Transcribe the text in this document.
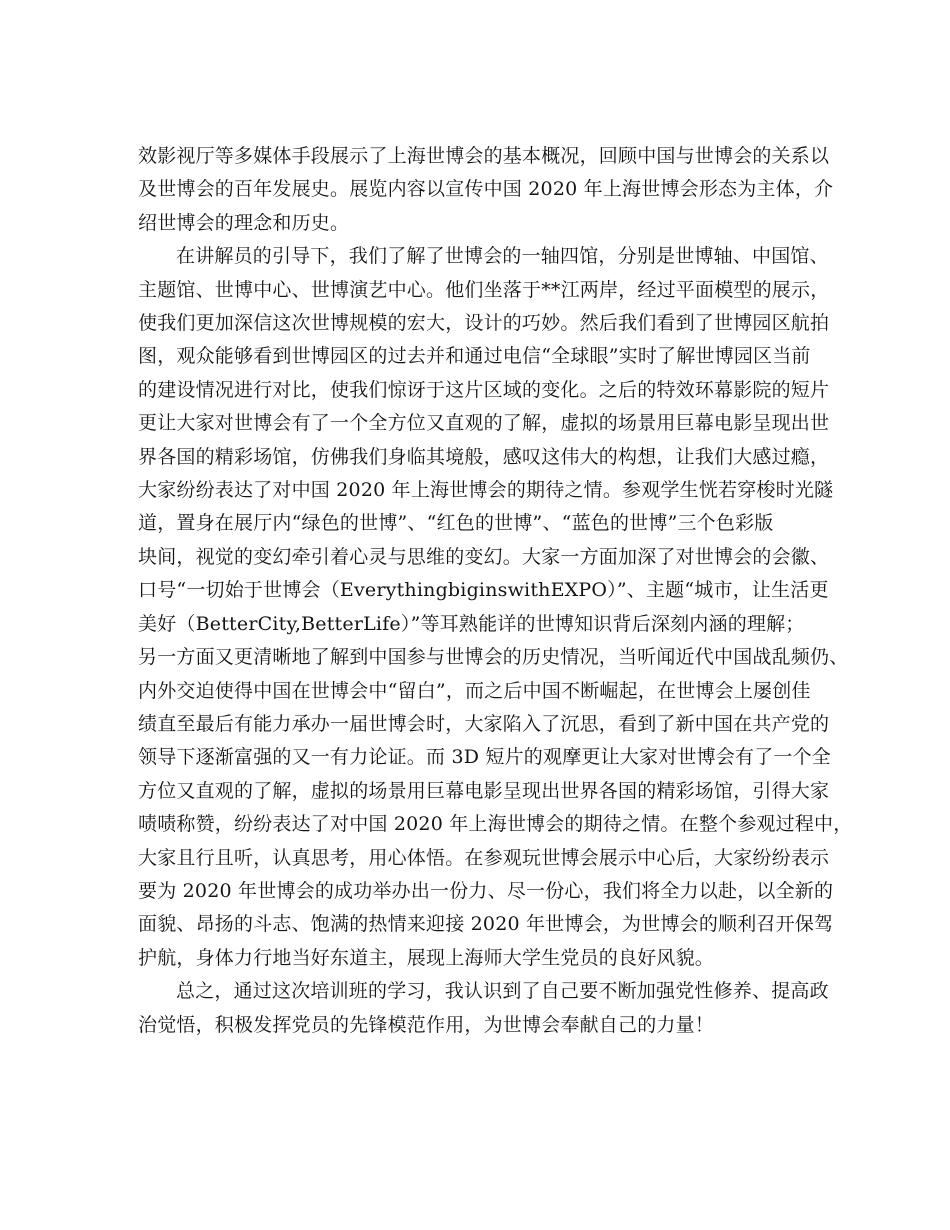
效影视厅等多媒体手段展示了上海世博会的基本概况，回顾中国与世博会的关系以
及世博会的百年发展史。展览内容以宣传中国 2020 年上海世博会形态为主体，介
绍世博会的理念和历史。

在讲解员的引导下，我们了解了世博会的一轴四馆，分别是世博轴、中国馆、
主题馆、世博中心、世博演艺中心。他们坐落于**江两岸，经过平面模型的展示，
使我们更加深信这次世博规模的宏大，设计的巧妙。然后我们看到了世博园区航拍
图，观众能够看到世博园区的过去并和通过电信“全球眼”实时了解世博园区当前
的建设情况进行对比，使我们惊讶于这片区域的变化。之后的特效环幕影院的短片
更让大家对世博会有了一个全方位又直观的了解，虚拟的场景用巨幕电影呈现出世
界各国的精彩场馆，仿佛我们身临其境般，感叹这伟大的构想，让我们大感过瘾，
大家纷纷表达了对中国 2020 年上海世博会的期待之情。参观学生恍若穿梭时光隧
道，置身在展厅内“绿色的世博”、“红色的世博”、“蓝色的世博”三个色彩版
块间，视觉的变幻牵引着心灵与思维的变幻。大家一方面加深了对世博会的会徽、
口号“一切始于世博会（EverythingbiginswithEXPO）”、主题“城市，让生活更
美好（BetterCity,BetterLife）”等耳熟能详的世博知识背后深刻内涵的理解；
另一方面又更清晰地了解到中国参与世博会的历史情况，当听闻近代中国战乱频仍、
内外交迫使得中国在世博会中“留白”，而之后中国不断崛起，在世博会上屡创佳
绩直至最后有能力承办一届世博会时，大家陷入了沉思，看到了新中国在共产党的
领导下逐渐富强的又一有力论证。而 3D 短片的观摩更让大家对世博会有了一个全
方位又直观的了解，虚拟的场景用巨幕电影呈现出世界各国的精彩场馆，引得大家
啧啧称赞，纷纷表达了对中国 2020 年上海世博会的期待之情。在整个参观过程中，
大家且行且听，认真思考，用心体悟。在参观玩世博会展示中心后，大家纷纷表示
要为 2020 年世博会的成功举办出一份力、尽一份心，我们将全力以赴，以全新的
面貌、昂扬的斗志、饱满的热情来迎接 2020 年世博会，为世博会的顺利召开保驾
护航，身体力行地当好东道主，展现上海师大学生党员的良好风貌。

总之，通过这次培训班的学习，我认识到了自己要不断加强党性修养、提高政
治觉悟，积极发挥党员的先锋模范作用，为世博会奉献自己的力量！
